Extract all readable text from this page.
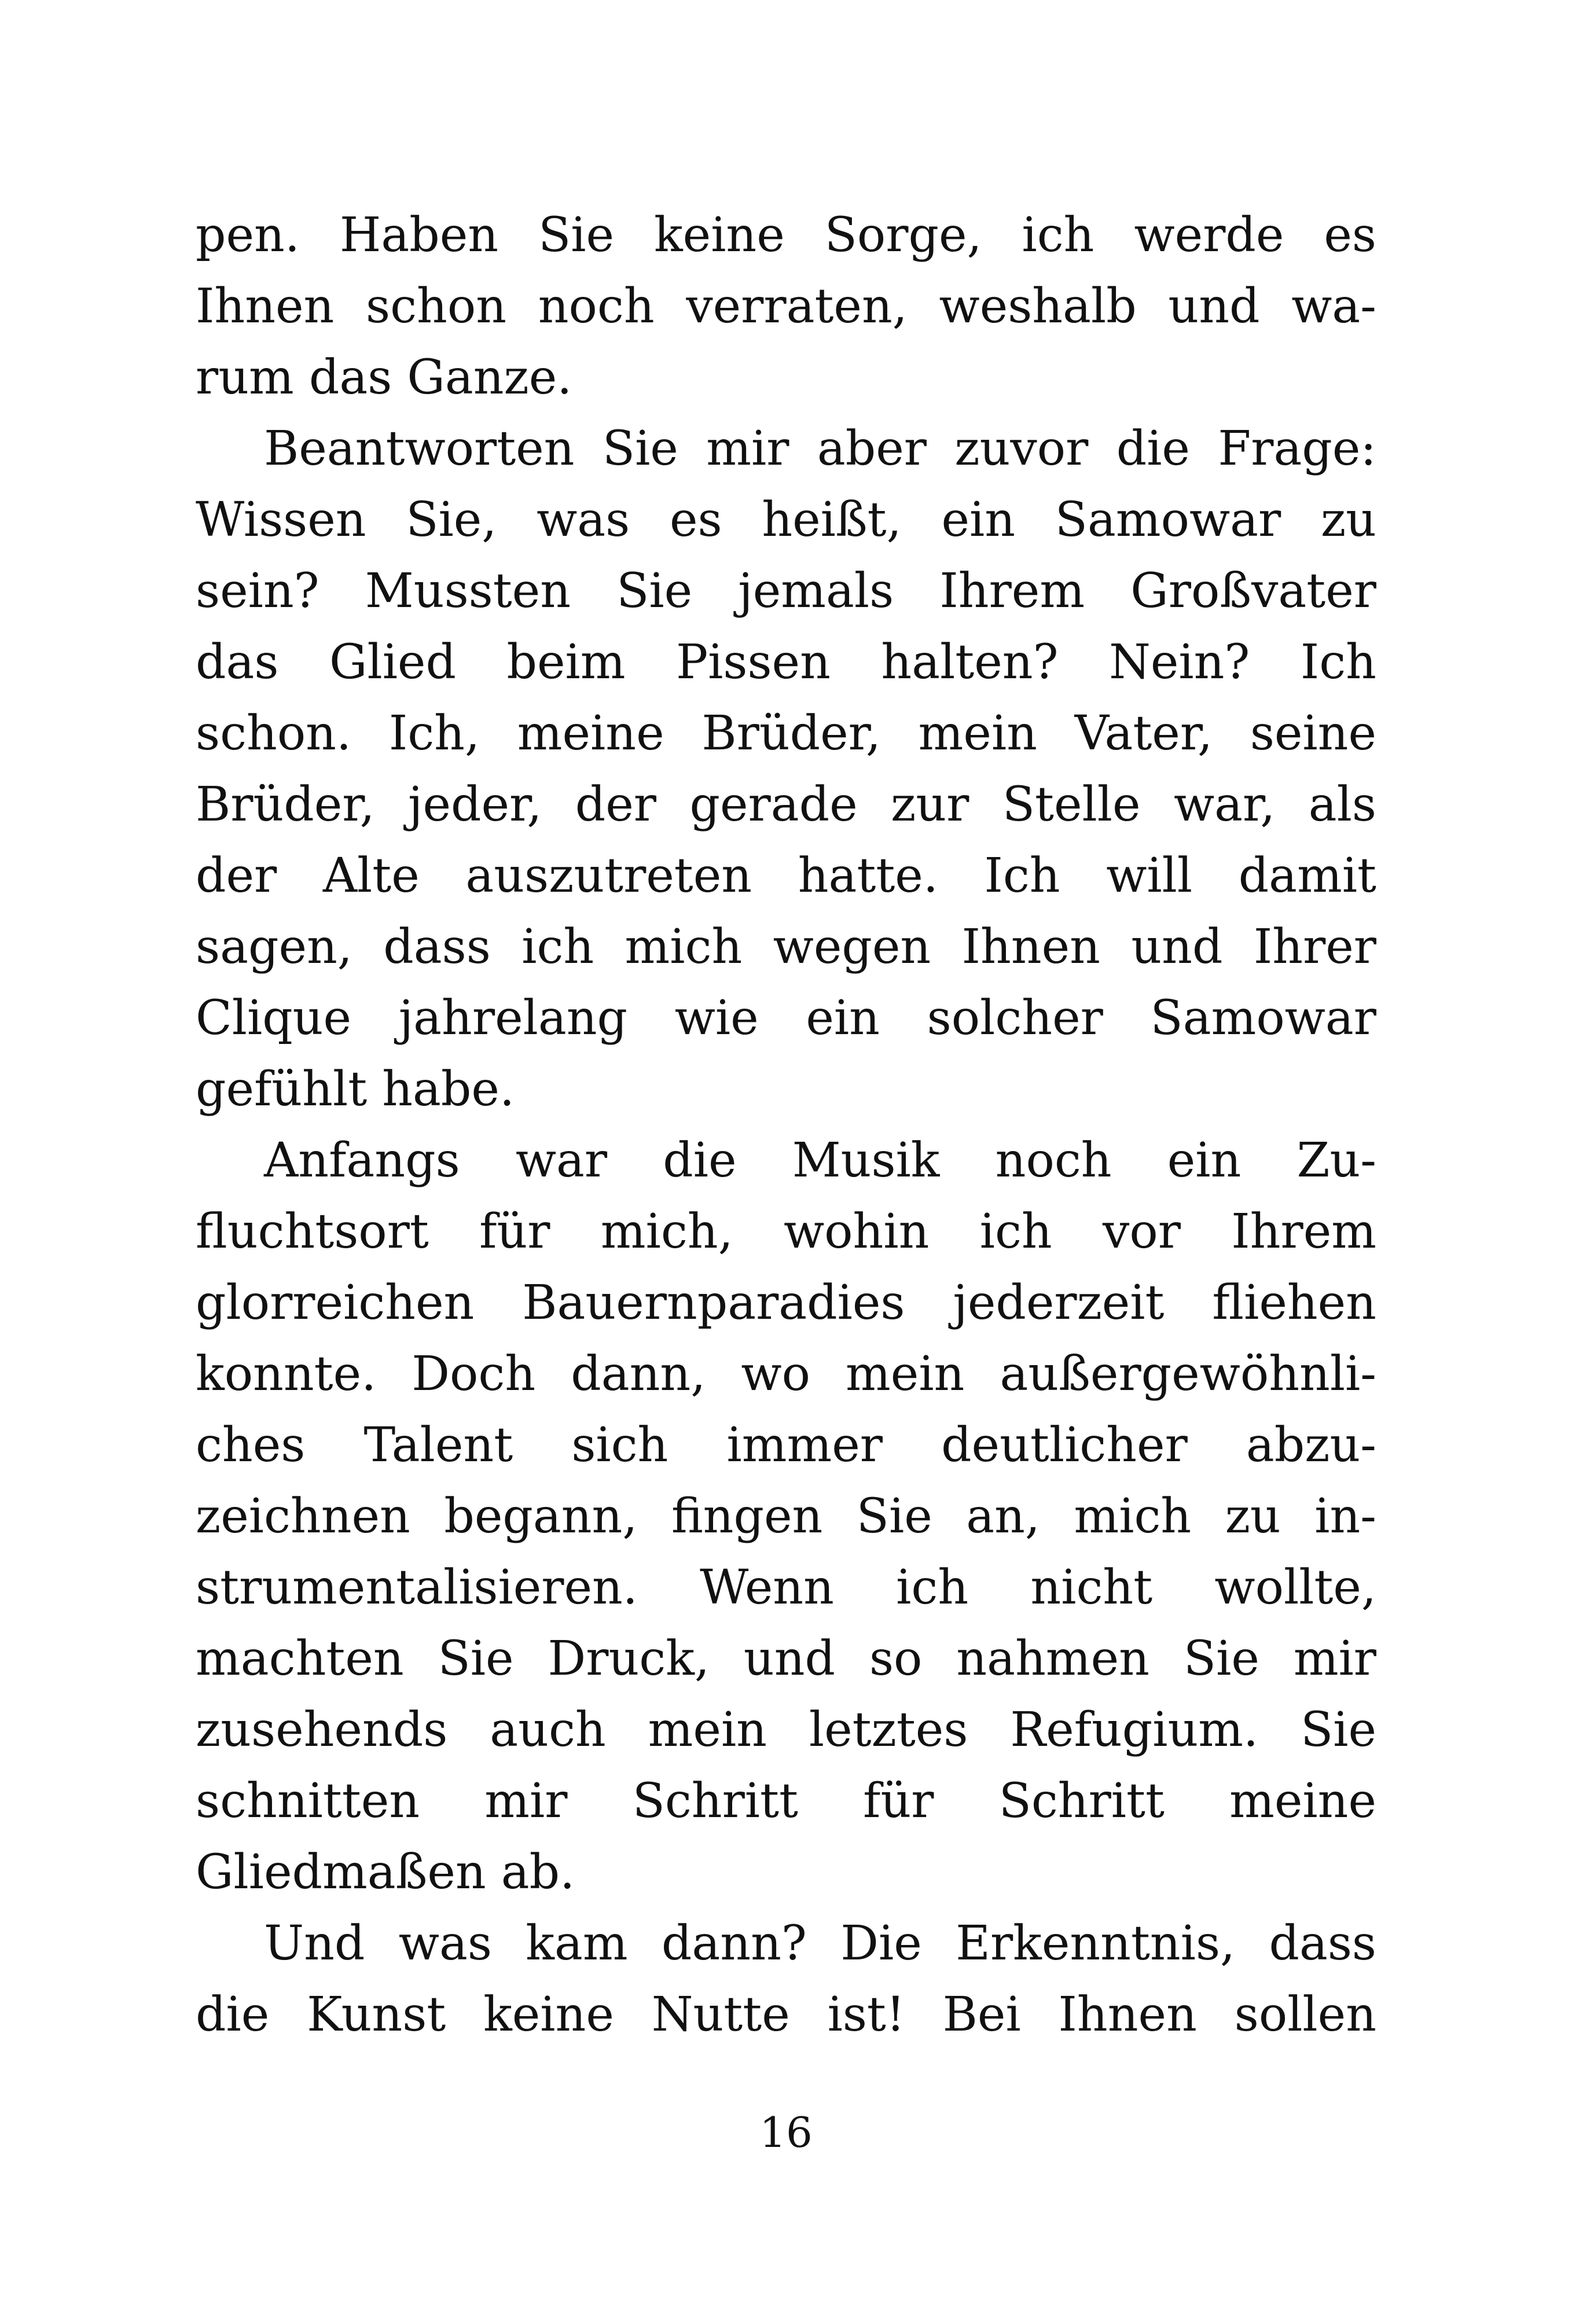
pen. Haben Sie keine Sorge, ich werde es
Ihnen schon noch verraten, weshalb und wa-
rum das Ganze.
Beantworten Sie mir aber zuvor die Frage:
Wissen Sie, was es heißt, ein Samowar zu
sein? Mussten Sie jemals Ihrem Großvater
das Glied beim Pissen halten? Nein? Ich
schon. Ich, meine Brüder, mein Vater, seine
Brüder, jeder, der gerade zur Stelle war, als
der Alte auszutreten hatte. Ich will damit
sagen, dass ich mich wegen Ihnen und Ihrer
Clique jahrelang wie ein solcher Samowar
gefühlt habe.
Anfangs war die Musik noch ein Zu-
fluchtsort für mich, wohin ich vor Ihrem
glorreichen Bauernparadies jederzeit fliehen
konnte. Doch dann, wo mein außergewöhnli-
ches Talent sich immer deutlicher abzu-
zeichnen begann, fingen Sie an, mich zu in-
strumentalisieren. Wenn ich nicht wollte,
machten Sie Druck, und so nahmen Sie mir
zusehends auch mein letztes Refugium. Sie
schnitten mir Schritt für Schritt meine
Gliedmaßen ab.
Und was kam dann? Die Erkenntnis, dass
die Kunst keine Nutte ist! Bei Ihnen sollen
16
